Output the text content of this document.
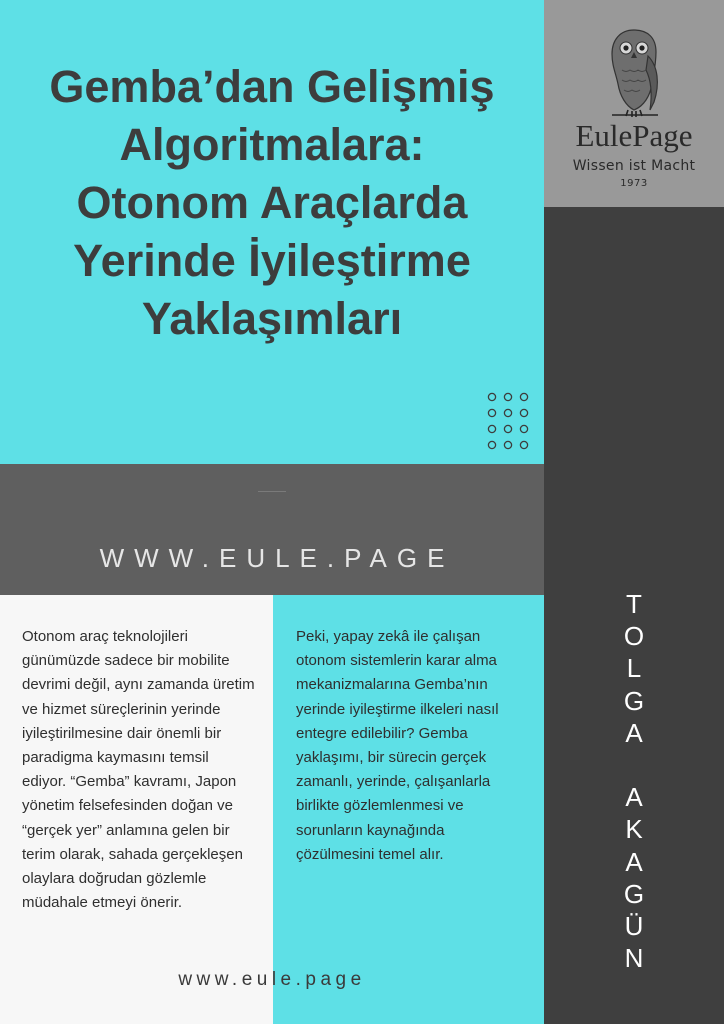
Gemba’dan Gelişmiş
Algoritmalara:
Otonom Araçlarda
Yerinde İyileştirme
Yaklaşımları
EulePage
Wissen ist Macht
1973
WWW.EULE.PAGE

Otonom araç teknolojileri günümüzde sadece bir mobilite devrimi değil, aynı zamanda üretim ve hizmet süreçlerinin yerinde iyileştirilmesine dair önemli bir paradigma kaymasını temsil ediyor. “Gemba” kavramı, Japon yönetim felsefesinden doğan ve “gerçek yer” anlamına gelen bir terim olarak, sahada gerçekleşen olaylara doğrudan gözlemle müdahale etmeyi önerir.

Peki, yapay zekâ ile çalışan otonom sistemlerin karar alma mekanizmalarına Gemba’nın yerinde iyileştirme ilkeleri nasıl entegre edilebilir? Gemba yaklaşımı, bir sürecin gerçek zamanlı, yerinde, çalışanlarla birlikte gözlemlenmesi ve sorunların kaynağında çözülmesini temel alır.

www.eule.page
T
O
L
G
A

A
K
A
G
Ü
N
